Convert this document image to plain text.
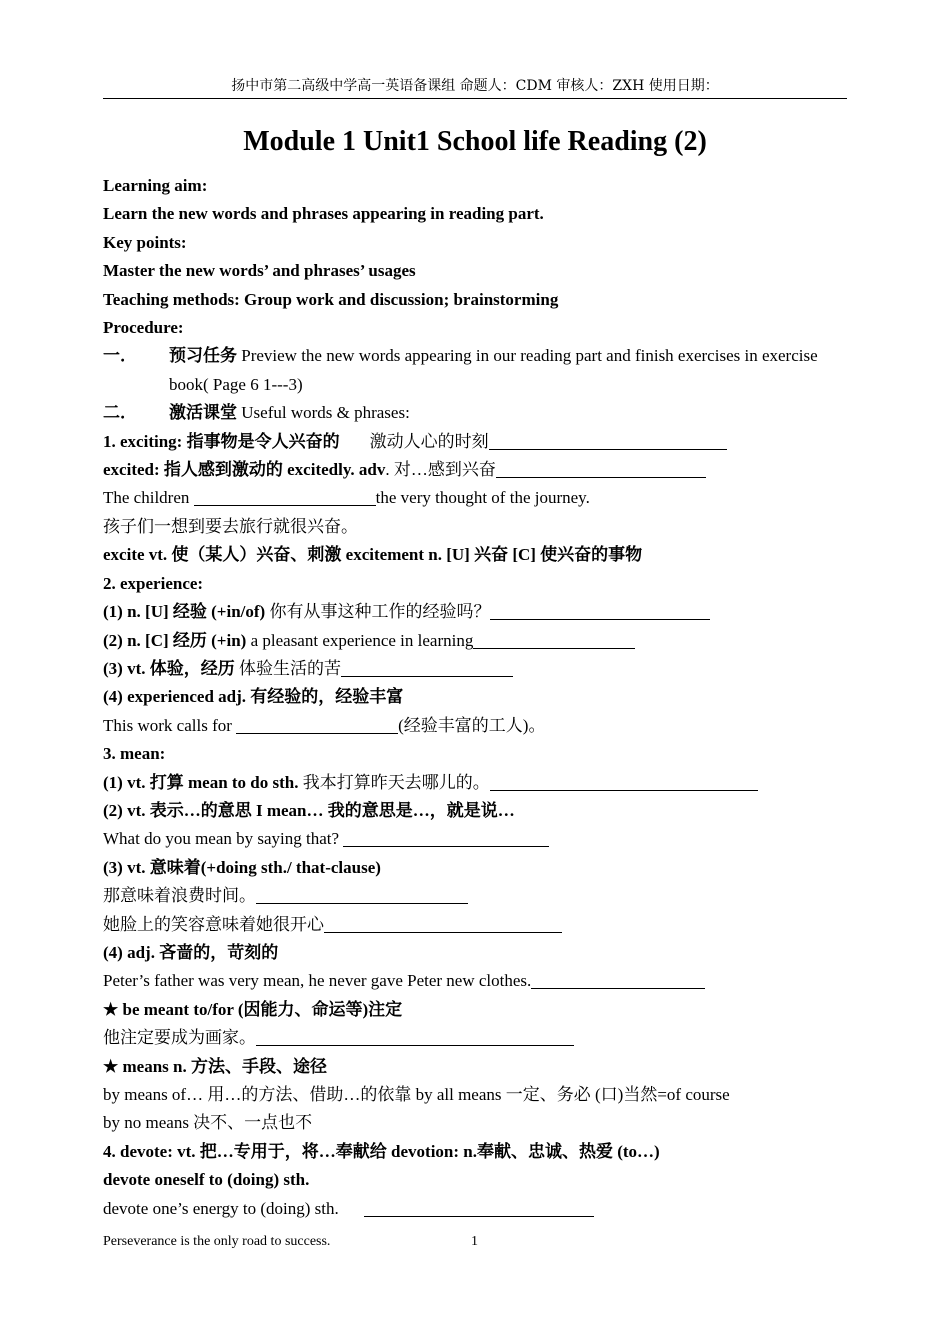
扬中市第二高级中学高一英语备课组 命题人：CDM 审核人：ZXH 使用日期：
Module 1 Unit1 School life Reading (2)
Learning aim:
Learn the new words and phrases appearing in reading part.
Key points:
Master the new words’ and phrases’ usages
Teaching methods: Group work and discussion; brainstorming
Procedure:
一．	预习任务 Preview the new words appearing in our reading part and finish exercises in exercise book( Page 6 1---3)
二．	激活课堂 Useful words & phrases:
1. exciting: 指事物是令人兴奋的 激动人心的时刻
excited: 指人感到激动的 excitedly. adv. 对…感到兴奋
The children	the very thought of the journey.
孩子们一想到要去旅行就很兴奋。
excite vt. 使（某人）兴奋、刺激 excitement n. [U] 兴奋 [C] 使兴奋的事物
2. experience:
(1) n. [U] 经验 (+in/of) 你有从事这种工作的经验吗？
(2) n. [C] 经历 (+in) a pleasant experience in learning
(3) vt. 体验，经历 体验生活的苦
(4) experienced adj. 有经验的，经验丰富
This work calls for	(经验丰富的工人)。
3. mean:
(1) vt. 打算 mean to do sth. 我本打算昨天去哪儿的。
(2) vt. 表示…的意思 I mean… 我的意思是…，就是说…
What do you mean by saying that?
(3) vt. 意味着(+doing sth./ that-clause)
那意味着浪费时间。
她脸上的笑容意味着她很开心
(4) adj. 吝啬的，苛刻的
Peter’s father was very mean, he never gave Peter new clothes.
★ be meant to/for (因能力、命运等)注定
他注定要成为画家。
★ means n. 方法、手段、途径
by means of… 用…的方法、借助…的依靠 by all means 一定、务必 (口)当然=of course
by no means 决不、一点也不
4. devote: vt. 把…专用于，将…奉献给 devotion: n.奉献、忠诚、热爱 (to…)
devote oneself to (doing) sth.
devote one’s energy to (doing) sth.
Perseverance is the only road to success.	1
